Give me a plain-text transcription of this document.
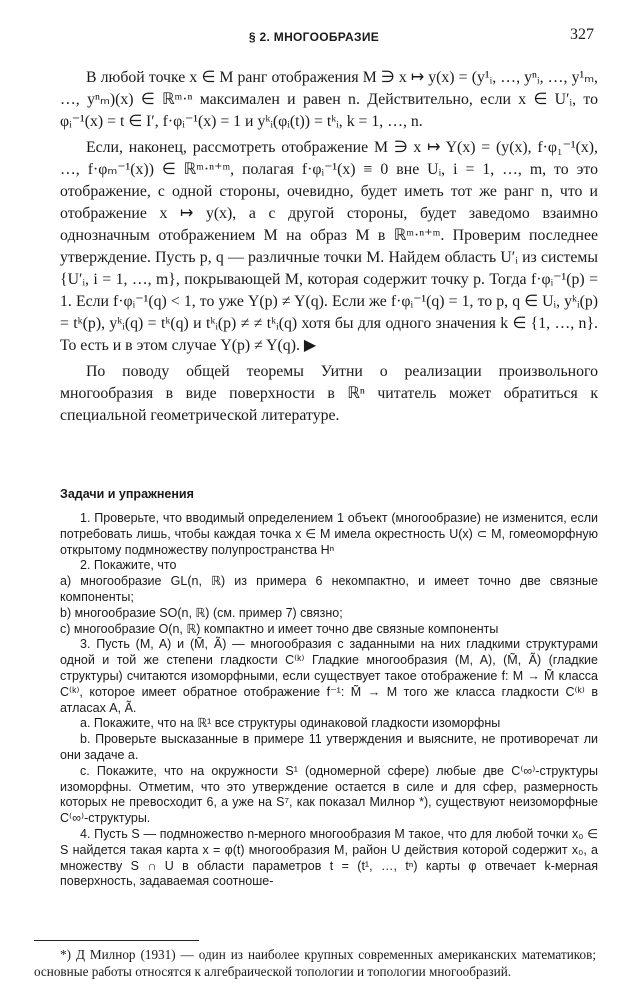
§ 2. МНОГООБРАЗИЕ	327

В любой точке x ∈ M ранг отображения M ∋ x ↦ y(x) = (y¹ᵢ, …, yⁿᵢ, …, y¹ₘ, …, yⁿₘ)(x) ∈ ℝᵐ·ⁿ максимален и равен n. Действительно, если x ∈ U′ᵢ, то φᵢ⁻¹(x) = t ∈ I′, f·φᵢ⁻¹(x) = 1 и yᵏᵢ(φᵢ(t)) = tᵏᵢ, k = 1, …, n.

Если, наконец, рассмотреть отображение M ∋ x ↦ Y(x) = (y(x), f·φ₁⁻¹(x), …, f·φₘ⁻¹(x)) ∈ ℝᵐ·ⁿ⁺ᵐ, полагая f·φᵢ⁻¹(x) ≡ 0 вне Uᵢ, i = 1, …, m, то это отображение, с одной стороны, очевидно, будет иметь тот же ранг n, что и отображение x ↦ y(x), а с другой стороны, будет заведомо взаимно однозначным отображением M на образ M в ℝᵐ·ⁿ⁺ᵐ. Проверим последнее утверждение. Пусть p, q — различные точки M. Найдем область U′ᵢ из системы {U′ᵢ, i = 1, …, m}, покрывающей M, которая содержит точку p. Тогда f·φᵢ⁻¹(p) = 1. Если f·φᵢ⁻¹(q) < 1, то уже Y(p) ≠ Y(q). Если же f·φᵢ⁻¹(q) = 1, то p, q ∈ Uᵢ, yᵏᵢ(p) = tᵏ(p), yᵏᵢ(q) = tᵏ(q) и tᵏᵢ(p) ≠ ≠ tᵏᵢ(q) хотя бы для одного значения k ∈ {1, …, n}. То есть и в этом случае Y(p) ≠ Y(q). ▶

По поводу общей теоремы Уитни о реализации произвольного многообразия в виде поверхности в ℝⁿ читатель может обратиться к специальной геометрической литературе.

Задачи и упражнения

1. Проверьте, что вводимый определением 1 объект (многообразие) не изменится, если потребовать лишь, чтобы каждая точка x ∈ M имела окрестность U(x) ⊂ M, гомеоморфную открытому подмножеству полупространства Hⁿ

2. Покажите, что

a) многообразие GL(n, ℝ) из примера 6 некомпактно, и имеет точно две связные компоненты;

b) многообразие SO(n, ℝ) (см. пример 7) связно;

c) многообразие O(n, ℝ) компактно и имеет точно две связные компоненты

3. Пусть (M, A) и (M̃, Ã) — многообразия с заданными на них гладкими структурами одной и той же степени гладкости C⁽ᵏ⁾ Гладкие многообразия (M, A), (M̃, Ã) (гладкие структуры) считаются изоморфными, если существует такое отображение f: M → M̃ класса C⁽ᵏ⁾, которое имеет обратное отображение f⁻¹: M̃ → M того же класса гладкости C⁽ᵏ⁾ в атласах A, Ã.

a. Покажите, что на ℝ¹ все структуры одинаковой гладкости изоморфны

b. Проверьте высказанные в примере 11 утверждения и выясните, не противоречат ли они задаче a.

c. Покажите, что на окружности S¹ (одномерной сфере) любые две C⁽∞⁾-структуры изоморфны. Отметим, что это утверждение остается в силе и для сфер, размерность которых не превосходит 6, а уже на S⁷, как показал Милнор *), существуют неизоморфные C⁽∞⁾-структуры.

4. Пусть S — подмножество n-мерного многообразия M такое, что для любой точки x₀ ∈ S найдется такая карта x = φ(t) многообразия M, район U действия которой содержит x₀, а множеству S ∩ U в области параметров t = (t¹, …, tⁿ) карты φ отвечает k-мерная поверхность, задаваемая соотноше-

*) Д Милнор (1931) — один из наиболее крупных современных американских математиков; основные работы относятся к алгебраической топологии и топологии многообразий.
